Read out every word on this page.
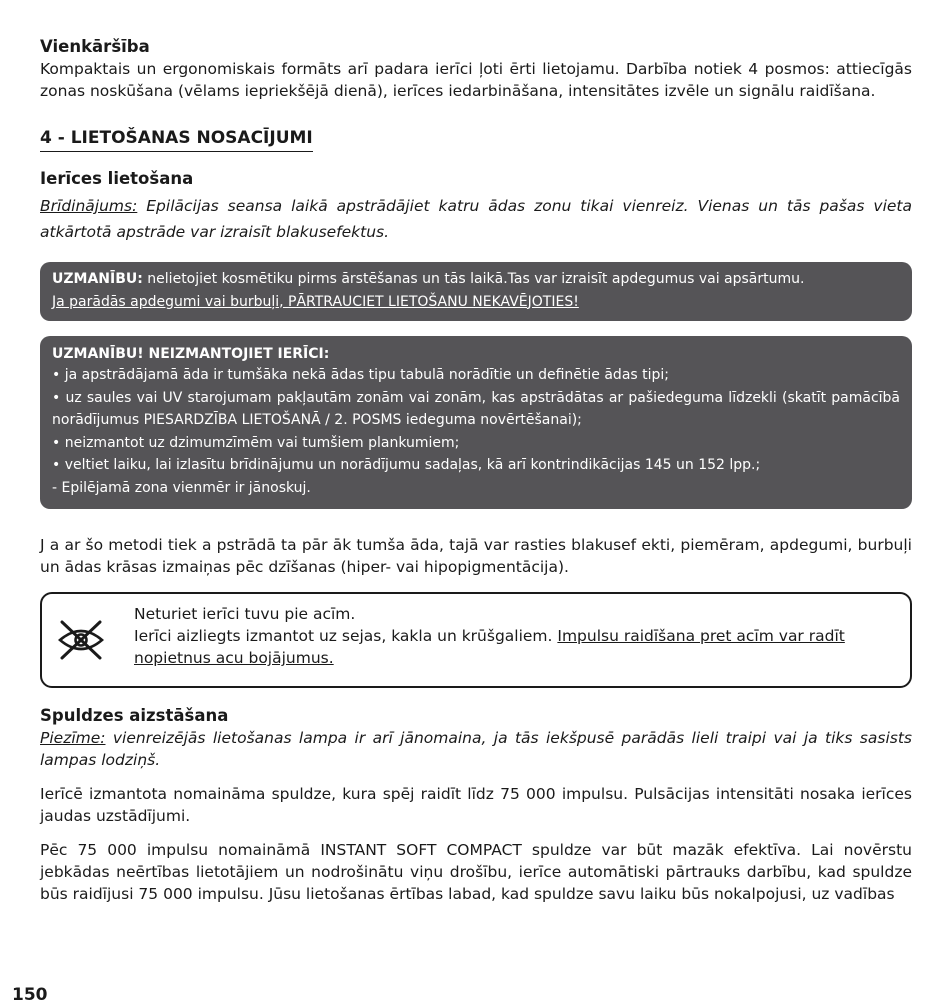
Vienkāršība
Kompaktais un ergonomiskais formāts arī padara ierīci ļoti ērti lietojamu. Darbība notiek 4 posmos: attiecīgās zonas noskūšana (vēlams iepriekšējā dienā), ierīces iedarbināšana, intensitātes izvēle un signālu raidīšana.
4 - LIETOŠANAS NOSACĪJUMI
Ierīces lietošana
Brīdinājums: Epilācijas seansa laikā apstrādājiet katru ādas zonu tikai vienreiz. Vienas un tās pašas vieta atkārtotā apstrāde var izraisīt blakusefektus.
UZMANĪBU: nelietojiet kosmētiku pirms ārstēšanas un tās laikā.Tas var izraisīt apdegumus vai apsārtumu.
Ja parādās apdegumi vai burbuļi, PĀRTRAUCIET LIETOŠANU NEKAVĒJOTIES!
UZMANĪBU! NEIZMANTOJIET IERĪCI:
• ja apstrādājamā āda ir tumšāka nekā ādas tipu tabulā norādītie un definētie ādas tipi;
• uz saules vai UV starojumam pakļautām zonām vai zonām, kas apstrādātas ar pašiedeguma līdzekli (skatīt pamācībā norādījumus PIESARDZĪBA LIETOŠANĀ / 2. POSMS iedeguma novērtēšanai);
• neizmantot uz dzimumzīmēm vai tumšiem plankumiem;
• veltiet laiku, lai izlasītu brīdinājumu un norādījumu sadaļas, kā arī kontrindikācijas 145 un 152 lpp.;
- Epilējamā zona vienmēr ir jānoskuj.
J a ar šo metodi tiek a pstrādā ta pār āk tumša āda, tajā var rasties blakusef ekti, piemēram, apdegumi, burbuļi un ādas krāsas izmaiņas pēc dzīšanas (hiper- vai hipopigmentācija).
Neturiet ierīci tuvu pie acīm.
Ierīci aizliegts izmantot uz sejas, kakla un krūšgaliem. Impulsu raidīšana pret acīm var radīt nopietnus acu bojājumus.
Spuldzes aizstāšana
Piezīme: vienreizējās lietošanas lampa ir arī jānomaina, ja tās iekšpusē parādās lieli traipi vai ja tiks sasists lampas lodziņš.
Ierīcē izmantota nomaināma spuldze, kura spēj raidīt līdz 75 000 impulsu. Pulsācijas intensitāti nosaka ierīces jaudas uzstādījumi.
Pēc 75 000 impulsu nomaināmā INSTANT SOFT COMPACT spuldze var būt mazāk efektīva. Lai novērstu jebkādas neērtības lietotājiem un nodrošinātu viņu drošību, ierīce automātiski pārtrauks darbību, kad spuldze būs raidījusi 75 000 impulsu. Jūsu lietošanas ērtības labad, kad spuldze savu laiku būs nokalpojusi, uz vadības
150
